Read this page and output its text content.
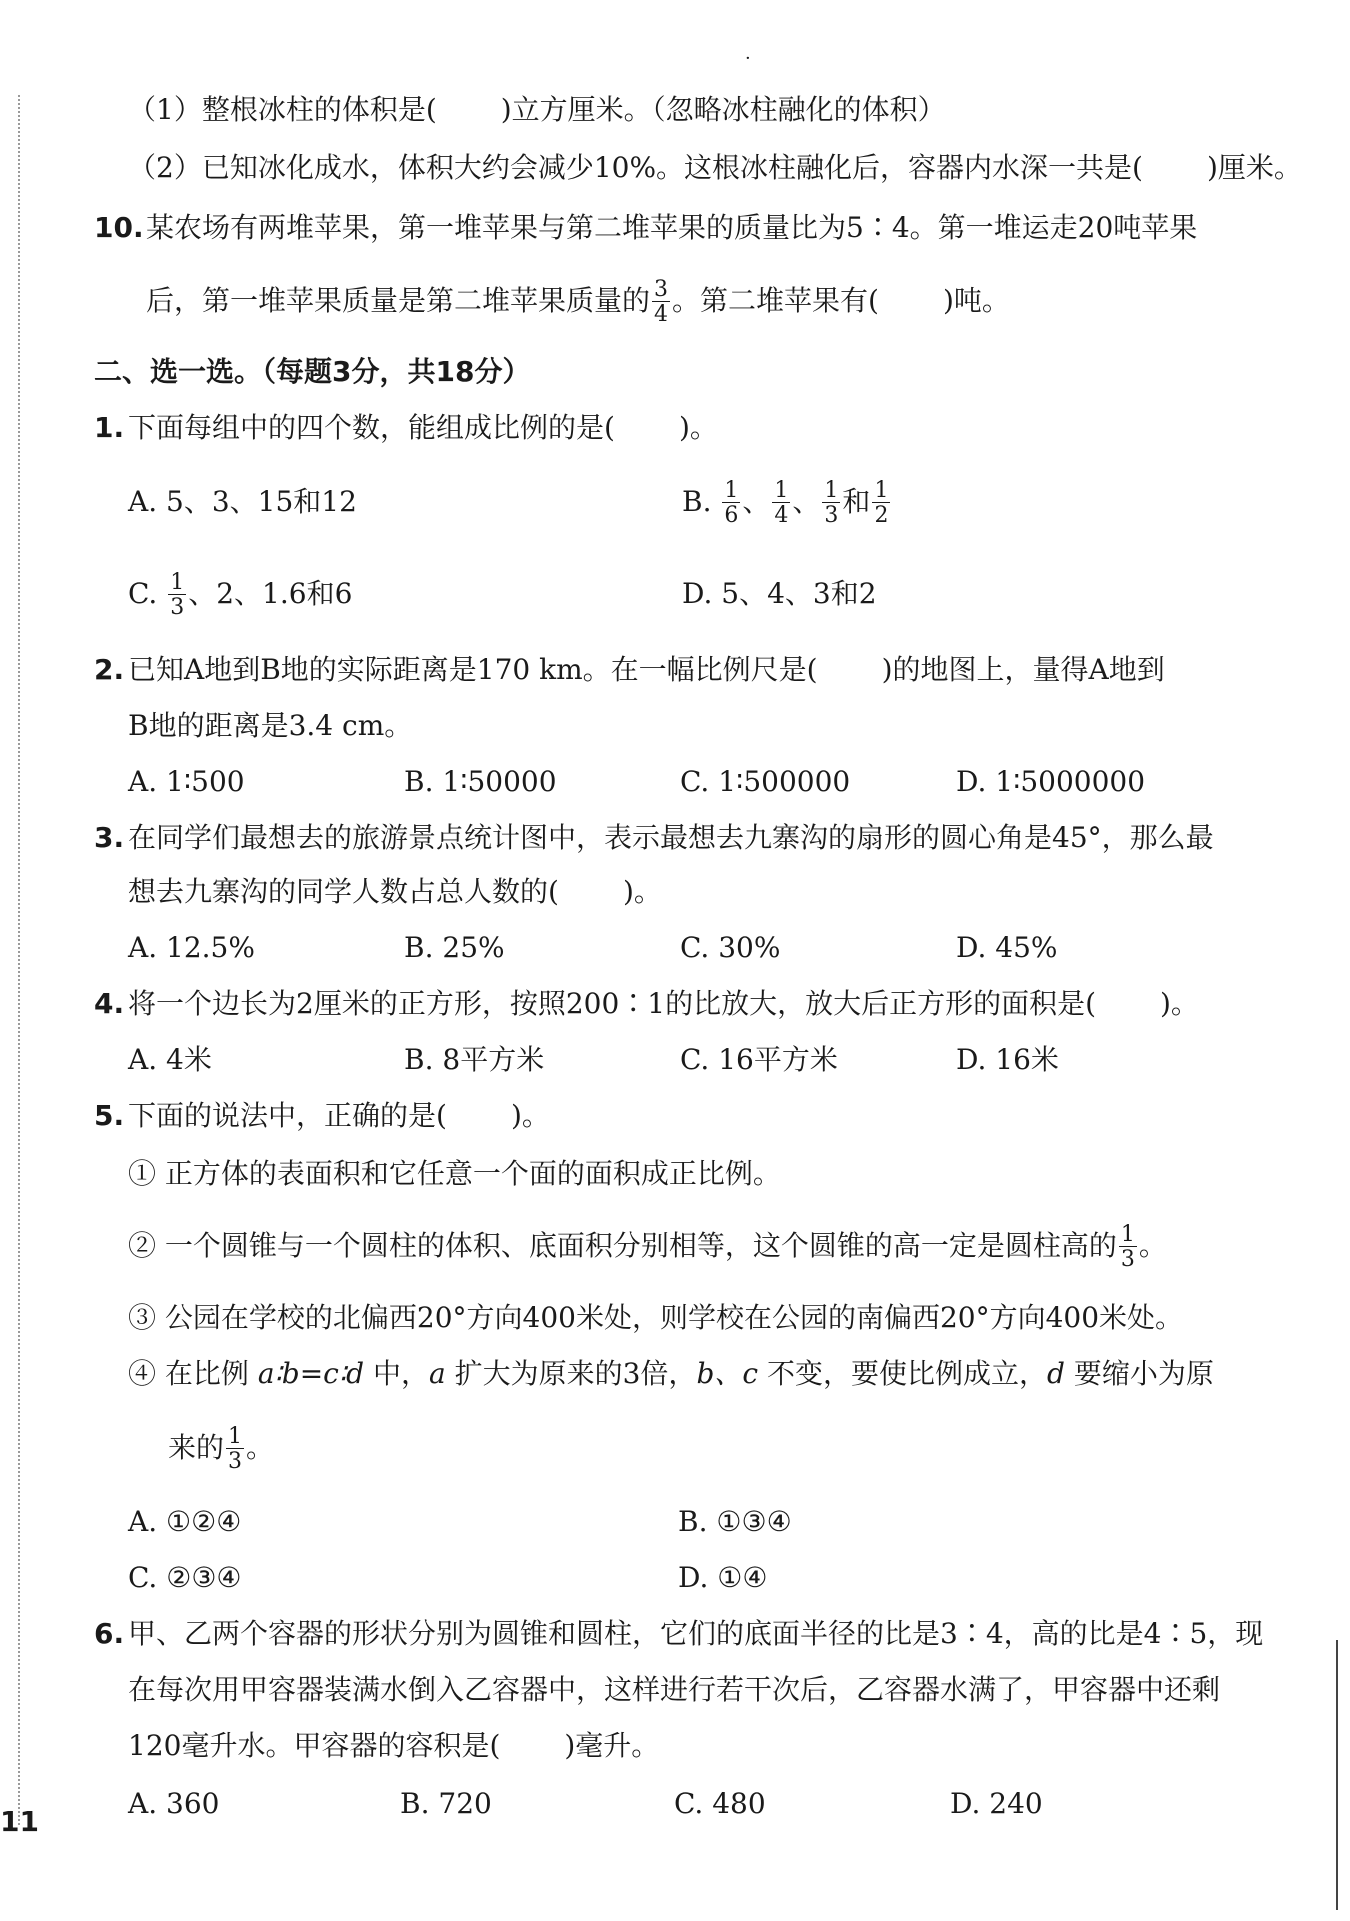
·
（1）整根冰柱的体积是( )立方厘米。（忽略冰柱融化的体积）
（2）已知冰化成水，体积大约会减少10%。这根冰柱融化后，容器内水深一共是( )厘米。
10. 某农场有两堆苹果，第一堆苹果与第二堆苹果的质量比为5∶4。第一堆运走20吨苹果
后，第一堆苹果质量是第二堆苹果质量的 $\frac{3}{4}$ 。第二堆苹果有( )吨。
二、选一选。（每题3分，共18分）
1. 下面每组中的四个数，能组成比例的是( )。
A. 5、3、15和12	B. $\frac{1}{6}$ 、 $\frac{1}{4}$ 、 $\frac{1}{3}$ 和 $\frac{1}{2}$
C. $\frac{1}{3}$ 、2、1.6和6	D. 5、4、3和2
2. 已知A地到B地的实际距离是170 km。在一幅比例尺是( )的地图上，量得A地到
B地的距离是3.4 cm。
A. 1∶500	B. 1∶50000	C. 1∶500000	D. 1∶5000000
3. 在同学们最想去的旅游景点统计图中，表示最想去九寨沟的扇形的圆心角是45°，那么最
想去九寨沟的同学人数占总人数的( )。
A. 12.5%	B. 25%	C. 30%	D. 45%
4. 将一个边长为2厘米的正方形，按照200∶1的比放大，放大后正方形的面积是( )。
A. 4米	B. 8平方米	C. 16平方米	D. 16米
5. 下面的说法中，正确的是( )。
① 正方体的表面积和它任意一个面的面积成正比例。
② 一个圆锥与一个圆柱的体积、底面积分别相等，这个圆锥的高一定是圆柱高的 $\frac{1}{3}$ 。
③ 公园在学校的北偏西20°方向400米处，则学校在公园的南偏西20°方向400米处。
④ 在比例 a∶b=c∶d 中，a 扩大为原来的3倍，b、c 不变，要使比例成立，d 要缩小为原
来的 $\frac{1}{3}$ 。
A. ①②④	B. ①③④
C. ②③④	D. ①④
6. 甲、乙两个容器的形状分别为圆锥和圆柱，它们的底面半径的比是3∶4，高的比是4∶5，现
在每次用甲容器装满水倒入乙容器中，这样进行若干次后，乙容器水满了，甲容器中还剩
120毫升水。甲容器的容积是( )毫升。
A. 360	B. 720	C. 480	D. 240
11
